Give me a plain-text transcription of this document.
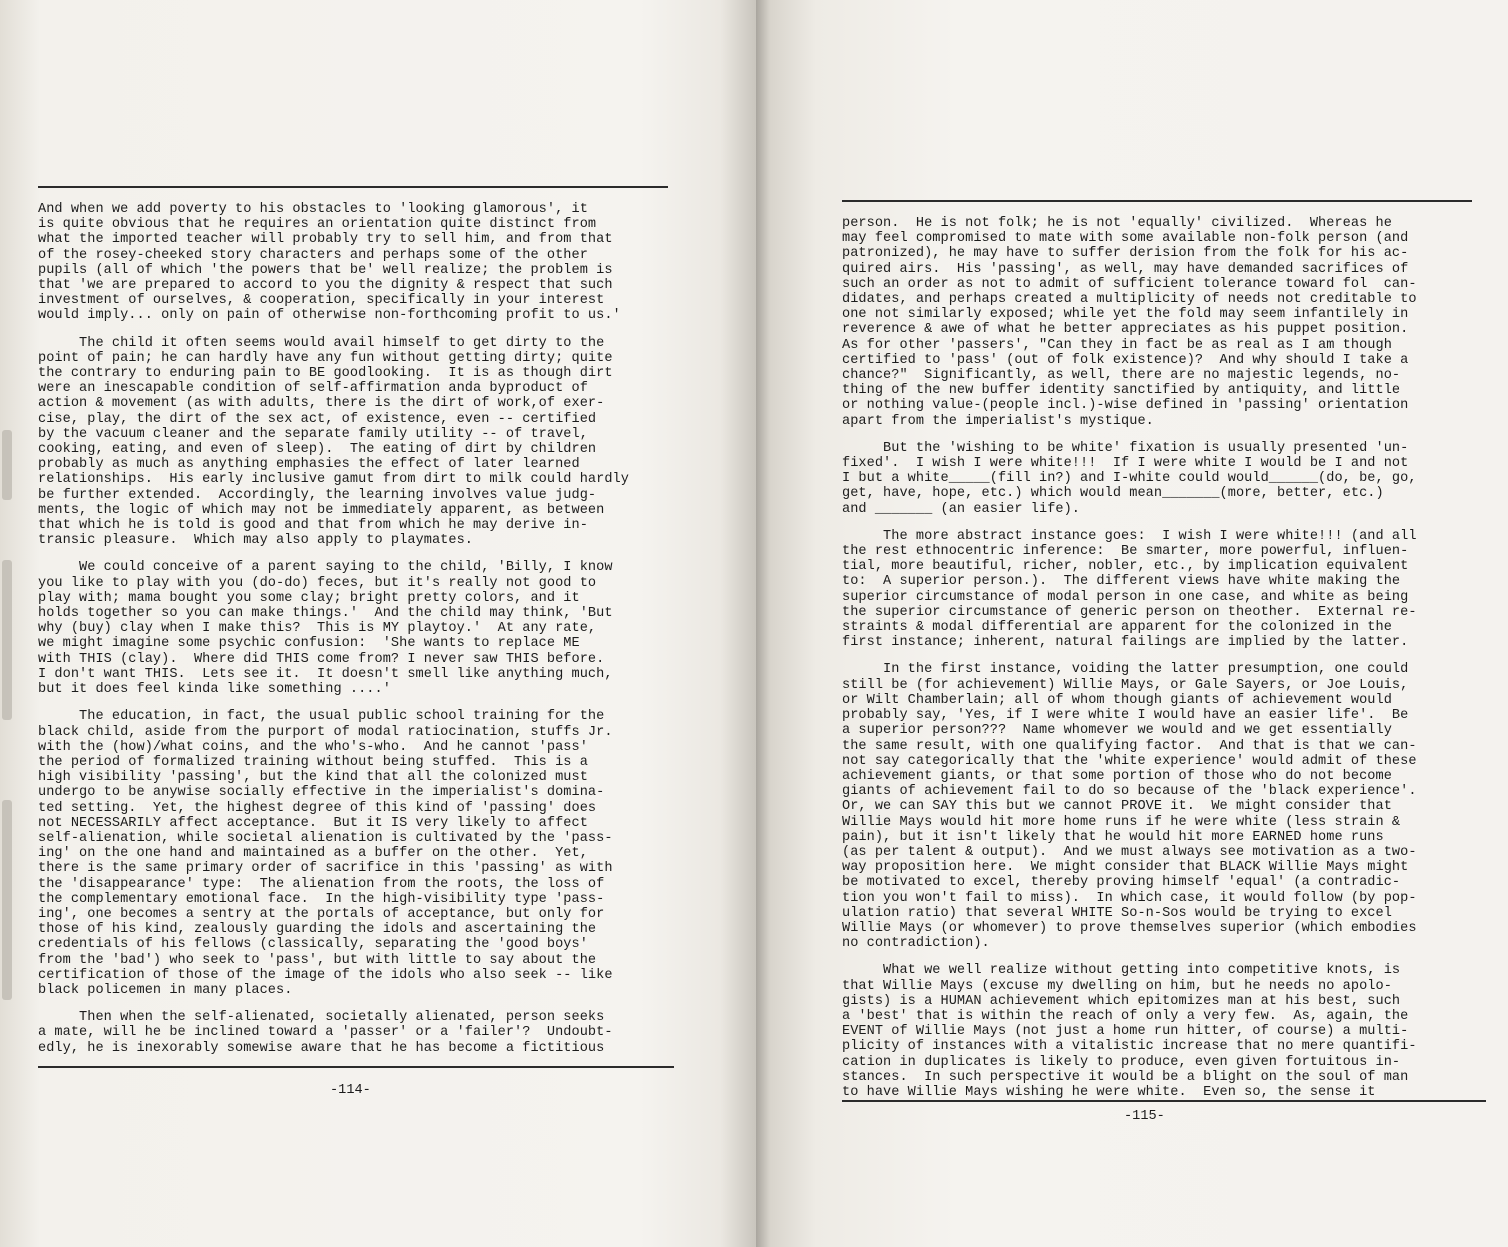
And when we add poverty to his obstacles to 'looking glamorous', it
is quite obvious that he requires an orientation quite distinct from
what the imported teacher will probably try to sell him, and from that
of the rosey-cheeked story characters and perhaps some of the other
pupils (all of which 'the powers that be' well realize; the problem is
that 'we are prepared to accord to you the dignity & respect that such
investment of ourselves, & cooperation, specifically in your interest
would imply... only on pain of otherwise non-forthcoming profit to us.'
The child it often seems would avail himself to get dirty to the
point of pain; he can hardly have any fun without getting dirty; quite
the contrary to enduring pain to BE goodlooking.  It is as though dirt
were an inescapable condition of self-affirmation anda byproduct of
action & movement (as with adults, there is the dirt of work,of exer-
cise, play, the dirt of the sex act, of existence, even -- certified
by the vacuum cleaner and the separate family utility -- of travel,
cooking, eating, and even of sleep).  The eating of dirt by children
probably as much as anything emphasies the effect of later learned
relationships.  His early inclusive gamut from dirt to milk could hardly
be further extended.  Accordingly, the learning involves value judg-
ments, the logic of which may not be immediately apparent, as between
that which he is told is good and that from which he may derive in-
transic pleasure.  Which may also apply to playmates.
We could conceive of a parent saying to the child, 'Billy, I know
you like to play with you (do-do) feces, but it's really not good to
play with; mama bought you some clay; bright pretty colors, and it
holds together so you can make things.'  And the child may think, 'But
why (buy) clay when I make this?  This is MY playtoy.'  At any rate,
we might imagine some psychic confusion:  'She wants to replace ME
with THIS (clay).  Where did THIS come from? I never saw THIS before.
I don't want THIS.  Lets see it.  It doesn't smell like anything much,
but it does feel kinda like something ....'
The education, in fact, the usual public school training for the
black child, aside from the purport of modal ratiocination, stuffs Jr.
with the (how)/what coins, and the who's-who.  And he cannot 'pass'
the period of formalized training without being stuffed.  This is a
high visibility 'passing', but the kind that all the colonized must
undergo to be anywise socially effective in the imperialist's domina-
ted setting.  Yet, the highest degree of this kind of 'passing' does
not NECESSARILY affect acceptance.  But it IS very likely to affect
self-alienation, while societal alienation is cultivated by the 'pass-
ing' on the one hand and maintained as a buffer on the other.  Yet,
there is the same primary order of sacrifice in this 'passing' as with
the 'disappearance' type:  The alienation from the roots, the loss of
the complementary emotional face.  In the high-visibility type 'pass-
ing', one becomes a sentry at the portals of acceptance, but only for
those of his kind, zealously guarding the idols and ascertaining the
credentials of his fellows (classically, separating the 'good boys'
from the 'bad') who seek to 'pass', but with little to say about the
certification of those of the image of the idols who also seek -- like
black policemen in many places.
Then when the self-alienated, societally alienated, person seeks
a mate, will he be inclined toward a 'passer' or a 'failer'?  Undoubt-
edly, he is inexorably somewise aware that he has become a fictitious
-114-
person.  He is not folk; he is not 'equally' civilized.  Whereas he
may feel compromised to mate with some available non-folk person (and
patronized), he may have to suffer derision from the folk for his ac-
quired airs.  His 'passing', as well, may have demanded sacrifices of
such an order as not to admit of sufficient tolerance toward fol  can-
didates, and perhaps created a multiplicity of needs not creditable to
one not similarly exposed; while yet the fold may seem infantilely in
reverence & awe of what he better appreciates as his puppet position.
As for other 'passers', "Can they in fact be as real as I am though
certified to 'pass' (out of folk existence)?  And why should I take a
chance?"  Significantly, as well, there are no majestic legends, no-
thing of the new buffer identity sanctified by antiquity, and little
or nothing value-(people incl.)-wise defined in 'passing' orientation
apart from the imperialist's mystique.
But the 'wishing to be white' fixation is usually presented 'un-
fixed'.  I wish I were white!!!  If I were white I would be I and not
I but a white_____(fill in?) and I-white could would______(do, be, go,
get, have, hope, etc.) which would mean_______(more, better, etc.)
and _______ (an easier life).
The more abstract instance goes:  I wish I were white!!! (and all
the rest ethnocentric inference:  Be smarter, more powerful, influen-
tial, more beautiful, richer, nobler, etc., by implication equivalent
to:  A superior person.).  The different views have white making the
superior circumstance of modal person in one case, and white as being
the superior circumstance of generic person on theother.  External re-
straints & modal differential are apparent for the colonized in the
first instance; inherent, natural failings are implied by the latter.
In the first instance, voiding the latter presumption, one could
still be (for achievement) Willie Mays, or Gale Sayers, or Joe Louis,
or Wilt Chamberlain; all of whom though giants of achievement would
probably say, 'Yes, if I were white I would have an easier life'.  Be
a superior person???  Name whomever we would and we get essentially
the same result, with one qualifying factor.  And that is that we can-
not say categorically that the 'white experience' would admit of these
achievement giants, or that some portion of those who do not become
giants of achievement fail to do so because of the 'black experience'.
Or, we can SAY this but we cannot PROVE it.  We might consider that
Willie Mays would hit more home runs if he were white (less strain &
pain), but it isn't likely that he would hit more EARNED home runs
(as per talent & output).  And we must always see motivation as a two-
way proposition here.  We might consider that BLACK Willie Mays might
be motivated to excel, thereby proving himself 'equal' (a contradic-
tion you won't fail to miss).  In which case, it would follow (by pop-
ulation ratio) that several WHITE So-n-Sos would be trying to excel
Willie Mays (or whomever) to prove themselves superior (which embodies
no contradiction).
What we well realize without getting into competitive knots, is
that Willie Mays (excuse my dwelling on him, but he needs no apolo-
gists) is a HUMAN achievement which epitomizes man at his best, such
a 'best' that is within the reach of only a very few.  As, again, the
EVENT of Willie Mays (not just a home run hitter, of course) a multi-
plicity of instances with a vitalistic increase that no mere quantifi-
cation in duplicates is likely to produce, even given fortuitous in-
stances.  In such perspective it would be a blight on the soul of man
to have Willie Mays wishing he were white.  Even so, the sense it
-115-
